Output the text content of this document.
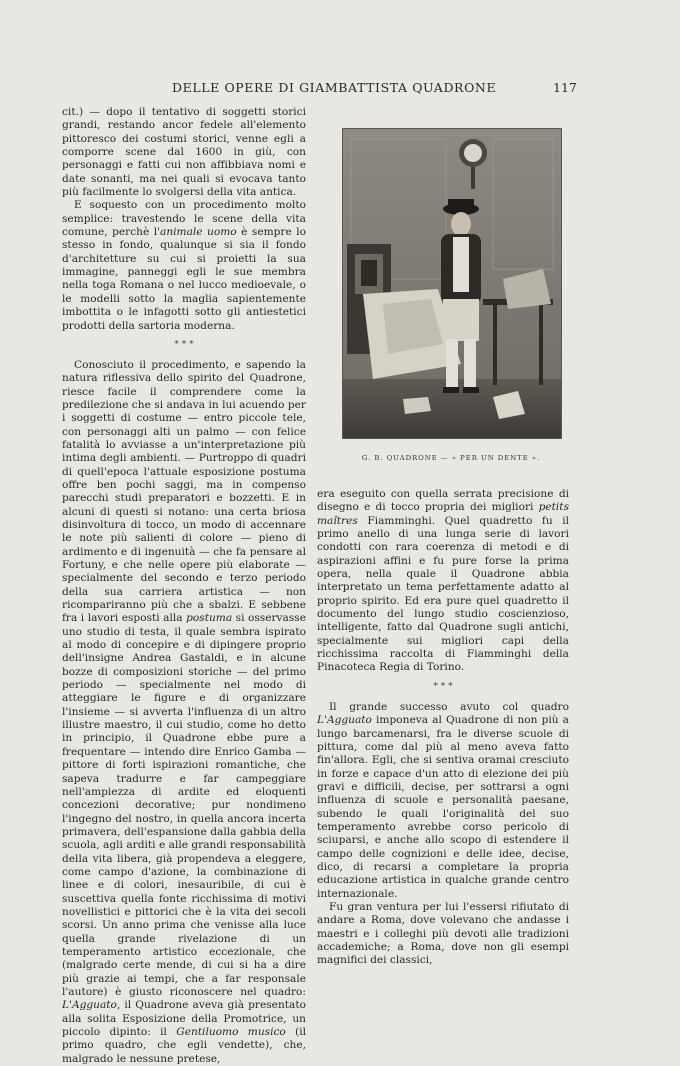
DELLE OPERE DI GIAMBATTISTA QUADRONE	117

cit.) — dopo il tentativo di soggetti storici grandi, restando ancor fedele all'elemento pittoresco dei costumi storici, venne egli a comporre scene dal 1600 in giù, con personaggi e fatti cui non affibbiava nomi e date sonanti, ma nei quali si evocava tanto più facilmente lo svolgersi della vita antica.

E soquesto con un procedimento molto semplice: travestendo le scene della vita comune, perchè l'animale uomo è sempre lo stesso in fondo, qualunque si sia il fondo d'architetture su cui si proietti la sua immagine, panneggi egli le sue membra nella toga Romana o nel lucco medioevale, o le modelli sotto la maglia sapientemente imbottita o le infagotti sotto gli antiestetici prodotti della sartoria moderna.

* * *

Conosciuto il procedimento, e sapendo la natura riflessiva dello spirito del Quadrone, riesce facile il comprendere come la predilezione che si andava in lui acuendo per i soggetti di costume — entro piccole tele, con personaggi alti un palmo — con felice fatalità lo avviasse a un'interpretazione più intima degli ambienti. — Purtroppo di quadri di quell'epoca l'attuale esposizione postuma offre ben pochi saggi, ma in compenso parecchi studi preparatori e bozzetti. E in alcuni di questi si notano: una certa briosa disinvoltura di tocco, un modo di accennare le note più salienti di colore — pieno di ardimento e di ingenuità — che fa pensare al Fortuny, e che nelle opere più elaborate — specialmente del secondo e terzo periodo della sua carriera artistica — non ricompariranno più che a sbalzi. E sebbene fra i lavori esposti alla postuma si osservasse uno studio di testa, il quale sembra ispirato al modo di concepire e di dipingere proprio dell'insigne Andrea Gastaldi, e in alcune bozze di composizioni storiche — del primo periodo — specialmente nel modo di atteggiare le figure e di organizzare l'insieme — si avverta l'influenza di un altro illustre maestro, il cui studio, come ho detto in principio, il Quadrone ebbe pure a frequentare — intendo dire Enrico Gamba — pittore di forti ispirazioni romantiche, che sapeva tradurre e far campeggiare nell'ampiezza di ardite ed eloquenti concezioni decorative; pur nondimeno l'ingegno del nostro, in quella ancora incerta primavera, dell'espansione dalla gabbia della scuola, agli arditi e alle grandi responsabilità della vita libera, già propendeva a eleggere, come campo d'azione, la combinazione di linee e di colori, inesauribile, di cui è suscettiva quella fonte ricchissima di motivi novellistici e pittorici che è la vita dei secoli scorsi. Un anno prima che venisse alla luce quella grande rivelazione di un temperamento artistico eccezionale, che (malgrado certe mende, di cui si ha a dire più grazie ai tempi, che a far responsale l'autore) è giusto riconoscere nel quadro: L'Agguato, il Quadrone aveva già presentato alla solita Esposizione della Promotrice, un piccolo dipinto: il Gentiluomo musico (il primo quadro, che egli vendette), che, malgrado le nessune pretese,

G. B. QUADRONE — « PER UN DENTE ».

era eseguito con quella serrata precisione di disegno e di tocco propria dei migliori petits maîtres Fiamminghi. Quel quadretto fu il primo anello di una lunga serie di lavori condotti con rara coerenza di metodi e di aspirazioni affini e fu pure forse la prima opera, nella quale il Quadrone abbia interpretato un tema perfettamente adatto al proprio spirito. Ed era pure quel quadretto il documento del lungo studio coscienzioso, intelligente, fatto dal Quadrone sugli antichi, specialmente sui migliori capi della ricchissima raccolta di Fiamminghi della Pinacoteca Regia di Torino.

* * *

Il grande successo avuto col quadro L'Agguato imponeva al Quadrone di non più a lungo barcamenarsi, fra le diverse scuole di pittura, come dal più al meno aveva fatto fin'allora. Egli, che si sentiva oramai cresciuto in forze e capace d'un atto di elezione dei più gravi e difficili, decise, per sottrarsi a ogni influenza di scuole e personalità paesane, subendo le quali l'originalità del suo temperamento avrebbe corso pericolo di sciuparsi, e anche allo scopo di estendere il campo delle cognizioni e delle idee, decise, dico, di recarsi a completare la propria educazione artistica in qualche grande centro internazionale.

Fu gran ventura per lui l'essersi rifiutato di andare a Roma, dove volevano che andasse i maestri e i colleghi più devoti alle tradizioni accademiche; a Roma, dove non gli esempi magnifici dei classici,
